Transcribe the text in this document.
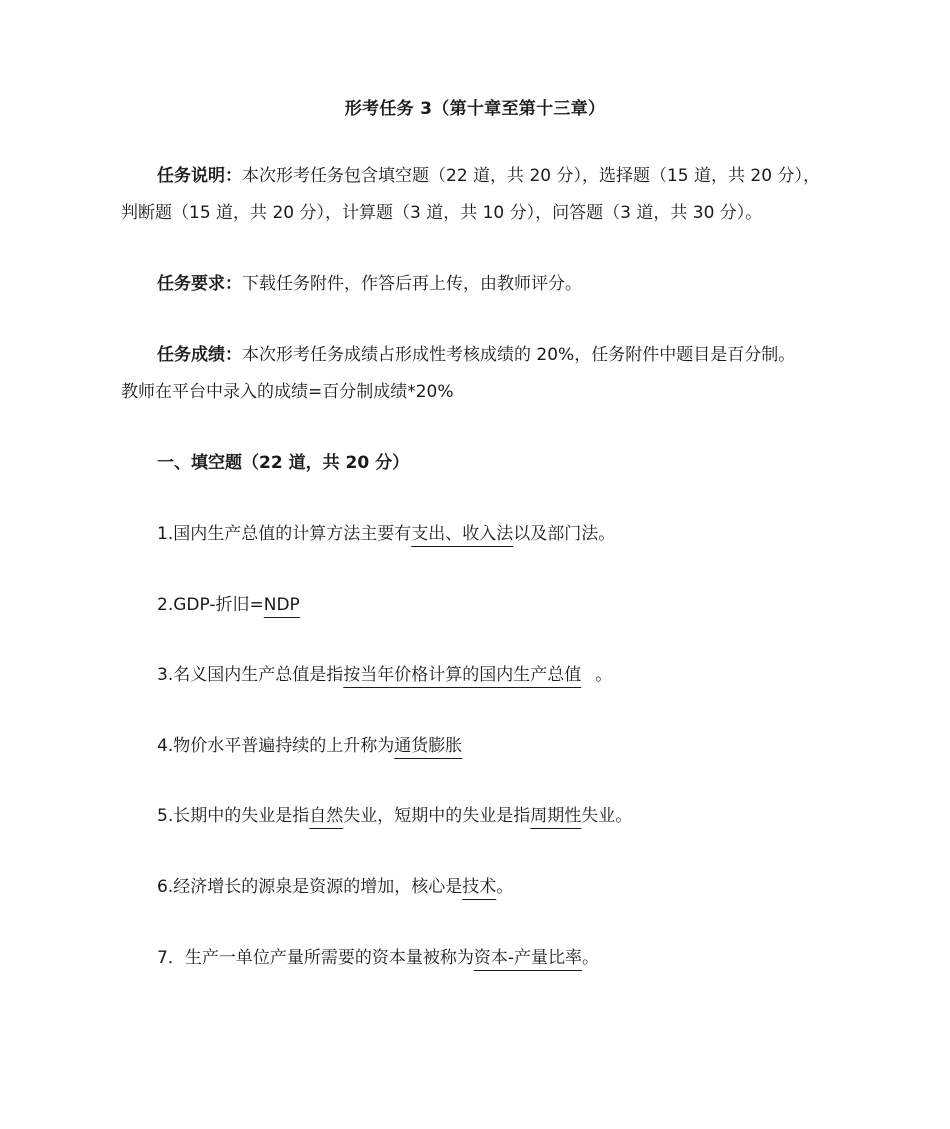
形考任务 3（第十章至第十三章）
任务说明：本次形考任务包含填空题（22 道，共 20 分），选择题（15 道，共 20 分），
判断题（15 道，共 20 分），计算题（3 道，共 10 分），问答题（3 道，共 30 分）。
任务要求：下载任务附件，作答后再上传，由教师评分。
任务成绩：本次形考任务成绩占形成性考核成绩的 20%，任务附件中题目是百分制。
教师在平台中录入的成绩=百分制成绩*20%
一、填空题（22 道，共 20 分）
1.国内生产总值的计算方法主要有支出、收入法以及部门法。
2.GDP-折旧=NDP
3.名义国内生产总值是指按当年价格计算的国内生产总值 。
4.物价水平普遍持续的上升称为通货膨胀
5.长期中的失业是指自然失业，短期中的失业是指周期性失业。
6.经济增长的源泉是资源的增加，核心是技术。
7．生产一单位产量所需要的资本量被称为资本-产量比率。
